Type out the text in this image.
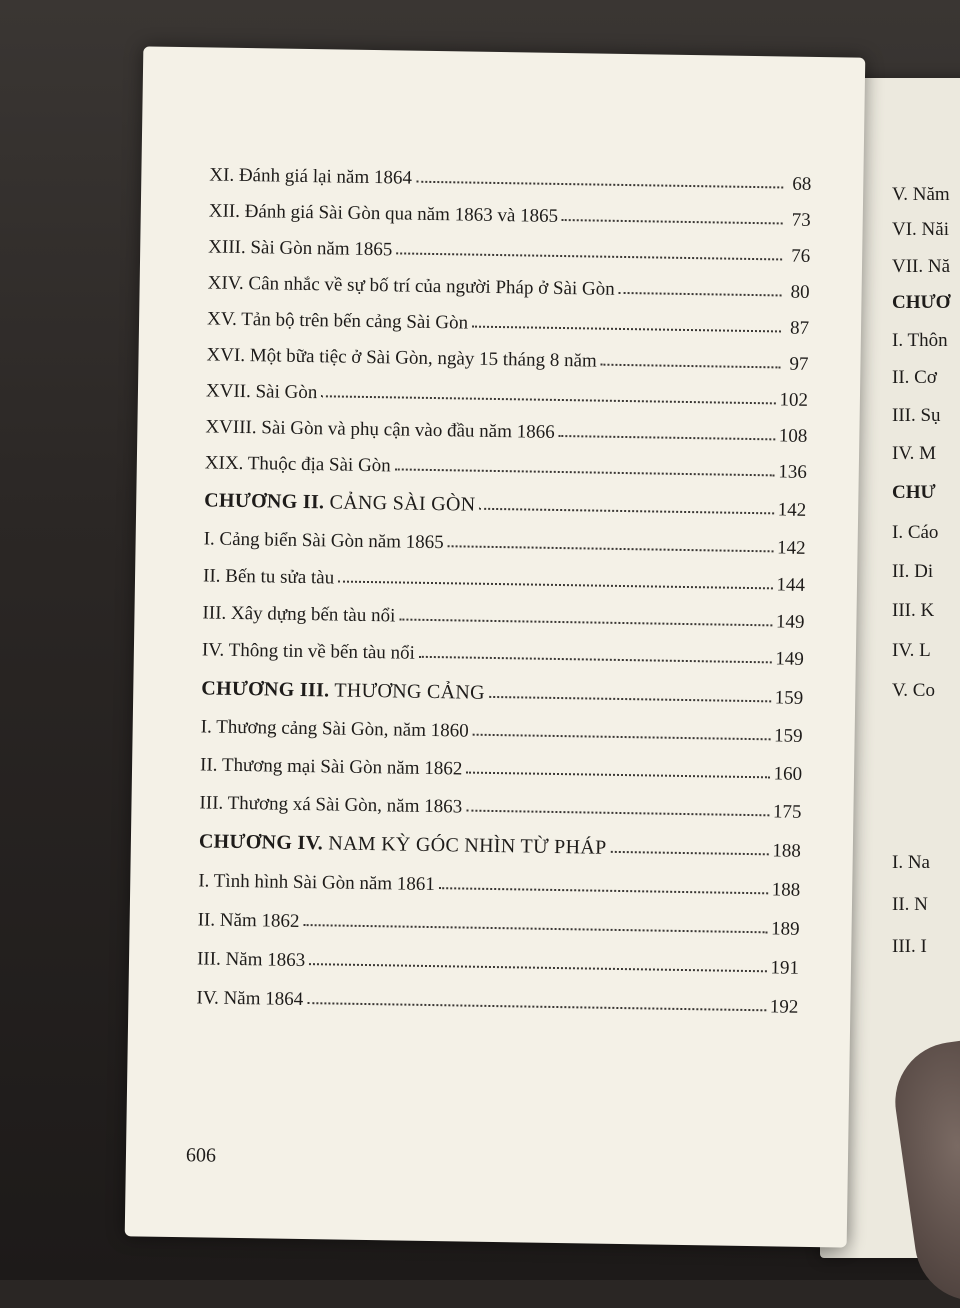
V. Năm
VI. Năi
VII. Nă
CHƯƠ
I. Thôn
II. Cơ
III. Sụ
IV. M
CHƯ
I. Cáo
II. Di
III. K
IV. L
V. Co
I. Na
II. N
III. I
XI. Đánh giá lại năm 1864	68
XII. Đánh giá Sài Gòn qua năm 1863 và 1865	73
XIII. Sài Gòn năm 1865	76
XIV. Cân nhắc về sự bố trí của người Pháp ở Sài Gòn	80
XV. Tản bộ trên bến cảng Sài Gòn	87
XVI. Một bữa tiệc ở Sài Gòn, ngày 15 tháng 8 năm	97
XVII. Sài Gòn	102
XVIII. Sài Gòn và phụ cận vào đầu năm 1866	108
XIX. Thuộc địa Sài Gòn	136
CHƯƠNG II. CẢNG SÀI GÒN	142
I. Cảng biển Sài Gòn năm 1865	142
II. Bến tu sửa tàu	144
III. Xây dựng bến tàu nổi	149
IV. Thông tin về bến tàu nổi	149
CHƯƠNG III. THƯƠNG CẢNG	159
I. Thương cảng Sài Gòn, năm 1860	159
II. Thương mại Sài Gòn năm 1862	160
III. Thương xá Sài Gòn, năm 1863	175
CHƯƠNG IV. NAM KỲ GÓC NHÌN TỪ PHÁP	188
I. Tình hình Sài Gòn năm 1861	188
II. Năm 1862	189
III. Năm 1863	191
IV. Năm 1864	192
606
